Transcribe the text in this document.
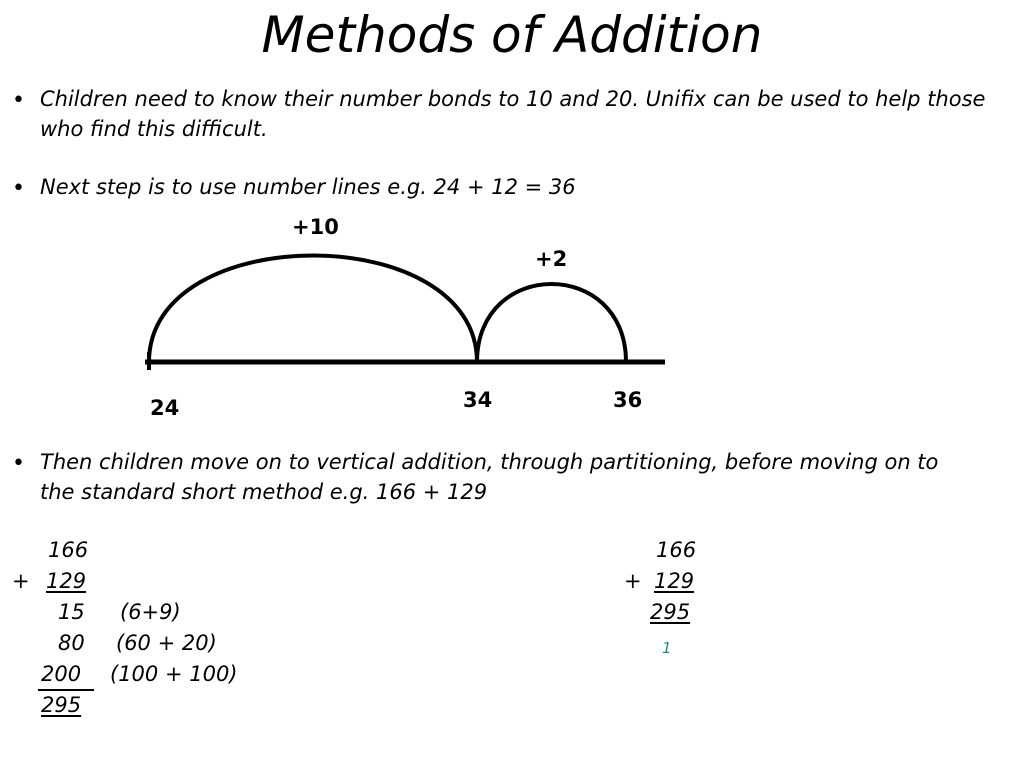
Methods of Addition
• Children need to know their number bonds to 10 and 20. Unifix can be used to help those who find this difficult.
• Next step is to use number lines e.g. 24 + 12 = 36
+10
+2
24	34	36
• Then children move on to vertical addition, through partitioning, before moving on to the standard short method e.g. 166 + 129
166
+ 129
15 (6+9)
80 (60 + 20)
200 (100 + 100)
295
166
+ 129
295
1
